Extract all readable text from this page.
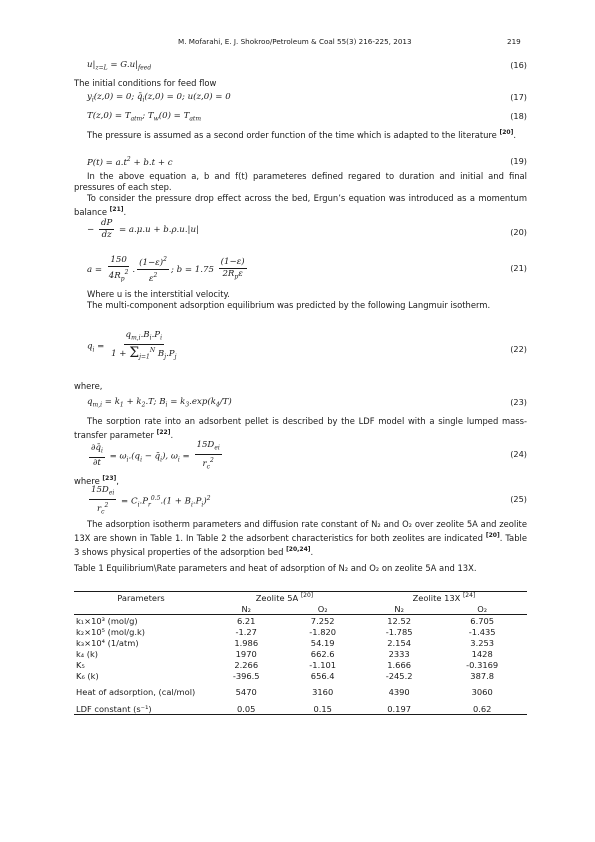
M. Mofarahi, E. J. Shokroo/Petroleum & Coal 55(3) 216-225, 2013	219
$u|_{z=L} = G.u|_{feed}$	(16)
The initial conditions for feed flow
$y_i(z,0) = 0$; $q̄_i(z,0) = 0$; u(z,0) = 0	(17)
$T(z,0) = T_{atm}$; $T_w(0) = T_{atm}$	(18)
The pressure is assumed as a second order function of the time which is adapted to the literature [20].
$P(t) = a.t^2 + b.t + c$	(19)
In the above equation a, b and f(t) parameteres defined regared to duration and initial and final pressures of each step.
To consider the pressure drop effect across the bed, Ergun’s equation was introduced as a momentum balance [21].
− $\frac{dP}{dz} = a.\mu.u + b.\rho.u.|u|$	(20)
$a = \frac{150}{4R_p^2}$ . $\frac{(1-\varepsilon)^2}{\varepsilon^2}$ ; $b = 1.75 \frac{(1-\varepsilon)}{2R_p\varepsilon}$	(21)
Where u is the interstitial velocity.
The multi-component adsorption equilibrium was predicted by the following Langmuir isotherm.
$q_i = \frac{q_{m,i}.B_i.P_i}{1 + \Sigma_{j=1}^N B_j.P_j}$	(22)
where,
$q_{m,i} = k_1 + k_2.T$; $B_i = k_3.\exp(k_4/T)$	(23)
The sorption rate into an adsorbent pellet is described by the LDF model with a single lumped mass-transfer parameter [22].
$\frac{\partial q̄_i}{\partial t} = \omega_i.(q_i$ − $q̄_i$), $\omega_i = \frac{15D_{ei}}{r_c^2}$	(24)
where [23],
$\frac{15D_{ei}}{r_c^2} = C_i.P_r^{0.5}.(1 + B_i.P_i)^2$	(25)
The adsorption isotherm parameters and diffusion rate constant of N₂ and O₂ over zeolite 5A and zeolite 13X are shown in Table 1. In Table 2 the adsorbent characteristics for both zeolites are indicated [20]. Table 3 shows physical properties of the adsorption bed [20,24].
Table 1 Equilibrium\Rate parameters and heat of adsorption of N₂ and O₂ on zeolite 5A and 13X.
Parameters	Zeolite 5A [20]		Zeolite 13X [24]
	N₂	O₂	N₂	O₂
k₁×10³ (mol/g)	6.21	7.252	12.52	6.705
k₂×10⁵ (mol/g.k)	-1.27	-1.820	-1.785	-1.435
k₃×10⁴ (1/atm)	1.986	54.19	2.154	3.253
k₄ (k)	1970	662.6	2333	1428
K₅	2.266	-1.101	1.666	-0.3169
K₆ (k)	-396.5	656.4	-245.2	387.8
Heat of adsorption, (cal/mol)	5470	3160	4390	3060
LDF constant (s⁻¹)	0.05	0.15	0.197	0.62
